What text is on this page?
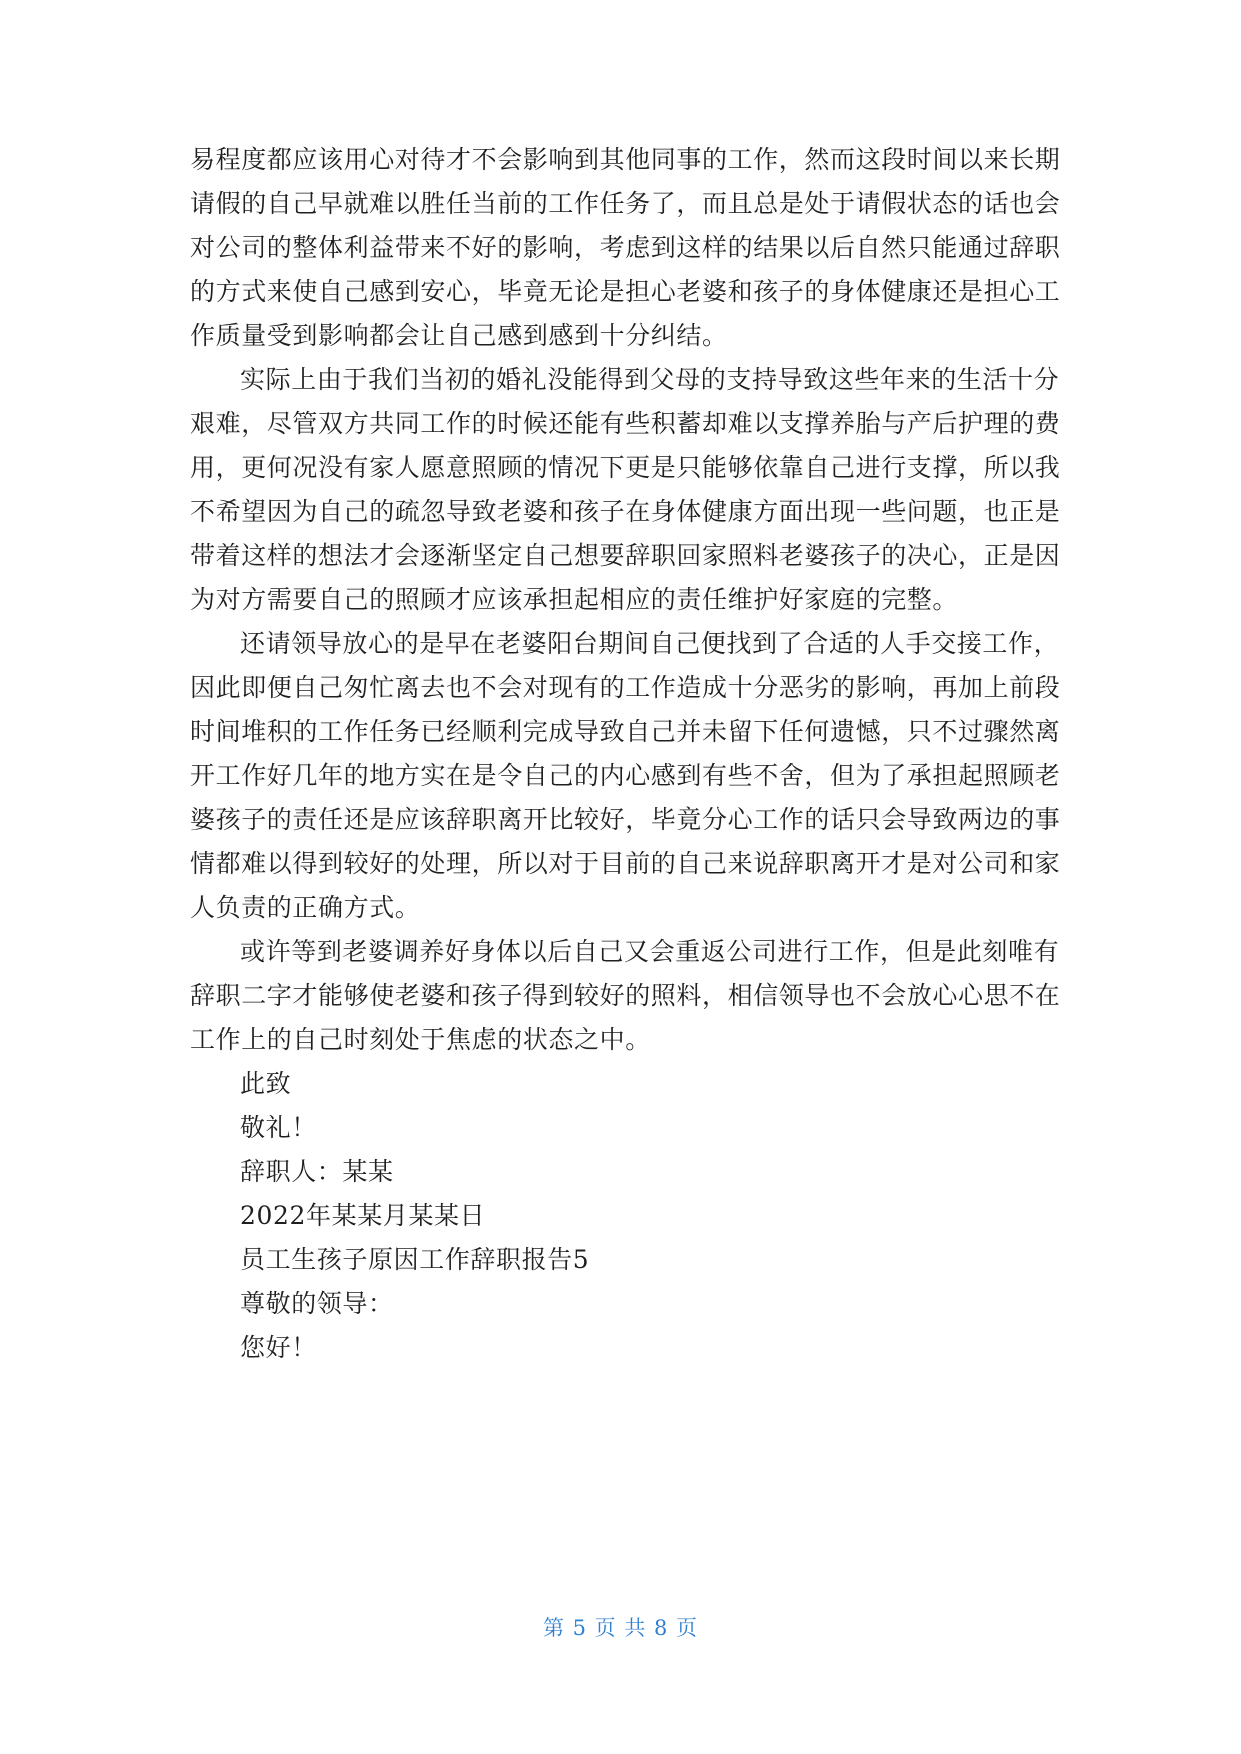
易程度都应该用心对待才不会影响到其他同事的工作，然而这段时间以来长期
请假的自己早就难以胜任当前的工作任务了，而且总是处于请假状态的话也会
对公司的整体利益带来不好的影响，考虑到这样的结果以后自然只能通过辞职
的方式来使自己感到安心，毕竟无论是担心老婆和孩子的身体健康还是担心工
作质量受到影响都会让自己感到感到十分纠结。
实际上由于我们当初的婚礼没能得到父母的支持导致这些年来的生活十分
艰难，尽管双方共同工作的时候还能有些积蓄却难以支撑养胎与产后护理的费
用，更何况没有家人愿意照顾的情况下更是只能够依靠自己进行支撑，所以我
不希望因为自己的疏忽导致老婆和孩子在身体健康方面出现一些问题，也正是
带着这样的想法才会逐渐坚定自己想要辞职回家照料老婆孩子的决心，正是因
为对方需要自己的照顾才应该承担起相应的责任维护好家庭的完整。
还请领导放心的是早在老婆阳台期间自己便找到了合适的人手交接工作，
因此即便自己匆忙离去也不会对现有的工作造成十分恶劣的影响，再加上前段
时间堆积的工作任务已经顺利完成导致自己并未留下任何遗憾，只不过骤然离
开工作好几年的地方实在是令自己的内心感到有些不舍，但为了承担起照顾老
婆孩子的责任还是应该辞职离开比较好，毕竟分心工作的话只会导致两边的事
情都难以得到较好的处理，所以对于目前的自己来说辞职离开才是对公司和家
人负责的正确方式。
或许等到老婆调养好身体以后自己又会重返公司进行工作，但是此刻唯有
辞职二字才能够使老婆和孩子得到较好的照料，相信领导也不会放心心思不在
工作上的自己时刻处于焦虑的状态之中。
此致
敬礼！
辞职人：某某
2022年某某月某某日
员工生孩子原因工作辞职报告5
尊敬的领导：
您好！
第 5 页 共 8 页
